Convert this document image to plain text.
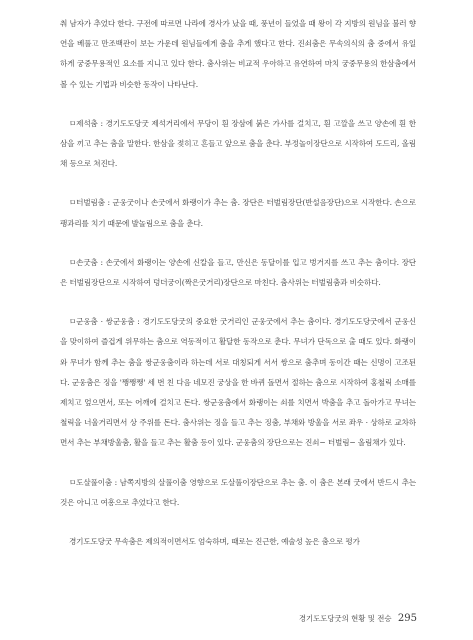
춰 남자가 추었다 한다. 구전에 따르면 나라에 경사가 났을 때, 풍년이 들었을 때 왕이 각 지방의 원님을 불러 향연을 베풀고 만조백관이 보는 가운데 원님들에게 춤을 추게 했다고 한다. 진쇠춤은 무속의식의 춤 중에서 유일하게 궁중무용적인 요소를 지니고 있다 한다. 춤사위는 비교적 우아하고 유연하여 마치 궁중무용의 한삼춤에서 볼 수 있는 기법과 비슷한 동작이 나타난다.

ㅁ제석춤 : 경기도도당굿 제석거리에서 무당이 흰 장삼에 붉은 가사를 걸치고, 흰 고깔을 쓰고 양손에 흰 한삼을 끼고 추는 춤을 말한다. 한삼을 젖히고 흔들고 앞으로 춤을 춘다. 부정놀이장단으로 시작하여 도드리, 올림채 등으로 쳐진다.

ㅁ터벌림춤 : 군웅굿이나 손굿에서 화랭이가 추는 춤. 장단은 터벌림장단(반설음장단)으로 시작한다. 손으로 팽과리를 치기 때문에 발놀림으로 춤을 춘다.

ㅁ손굿춤 : 손굿에서 화랭이는 양손에 신칼을 들고, 만신은 동달이를 입고 벙거지를 쓰고 추는 춤이다. 장단은 터벌림장단으로 시작하여 덩더궁이(짝은굿거리)장단으로 마친다. 춤사위는 터벌림춤과 비슷하다.

ㅁ군웅춤 · 쌍군웅춤 : 경기도도당굿의 중요한 굿거리인 군웅굿에서 추는 춤이다. 경기도도당굿에서 군웅신을 맞이하여 즐겁게 위무하는 춤으로 역동적이고 활달한 동작으로 춘다. 무녀가 단독으로 출 때도 있다. 화랭이와 무녀가 함께 추는 춤을 쌍군웅춤이라 하는데 서로 대칭되게 서서 쌍으로 춤추며 동이간 때는 신명이 고조된다. 군웅춤은 징을 '쨍쨍쨍' 세 번 친 다음 네모진 궁상을 한 바퀴 돌면서 절하는 춤으로 시작하여 홍철릭 소매를 제치고 엎으면서, 또는 어깨에 걸치고 돈다. 쌍군웅춤에서 화랭이는 쇠를 치면서 박춤을 추고 돌아가고 무녀는 철릭을 너울거리면서 상 주위를 돈다. 춤사위는 징을 들고 추는 징춤, 부채와 방울을 서로 좌우 · 상하로 교차하면서 추는 부채방울춤, 활을 들고 추는 활춤 등이 있다. 군웅춤의 장단으로는 진쇠− 터벌림− 올림채가 있다.

ㅁ도살풀이춤 : 남쪽지방의 살풀이춤 영향으로 도살풀이장단으로 추는 춤. 이 춤은 본래 굿에서 반드시 추는 것은 아니고 여흥으로 추었다고 한다.

경기도도당굿 무속춤은 제의적이면서도 엄숙하며, 때로는 진근한, 예술성 높은 춤으로 평가

경기도도당굿의 현황 및 전승 295
